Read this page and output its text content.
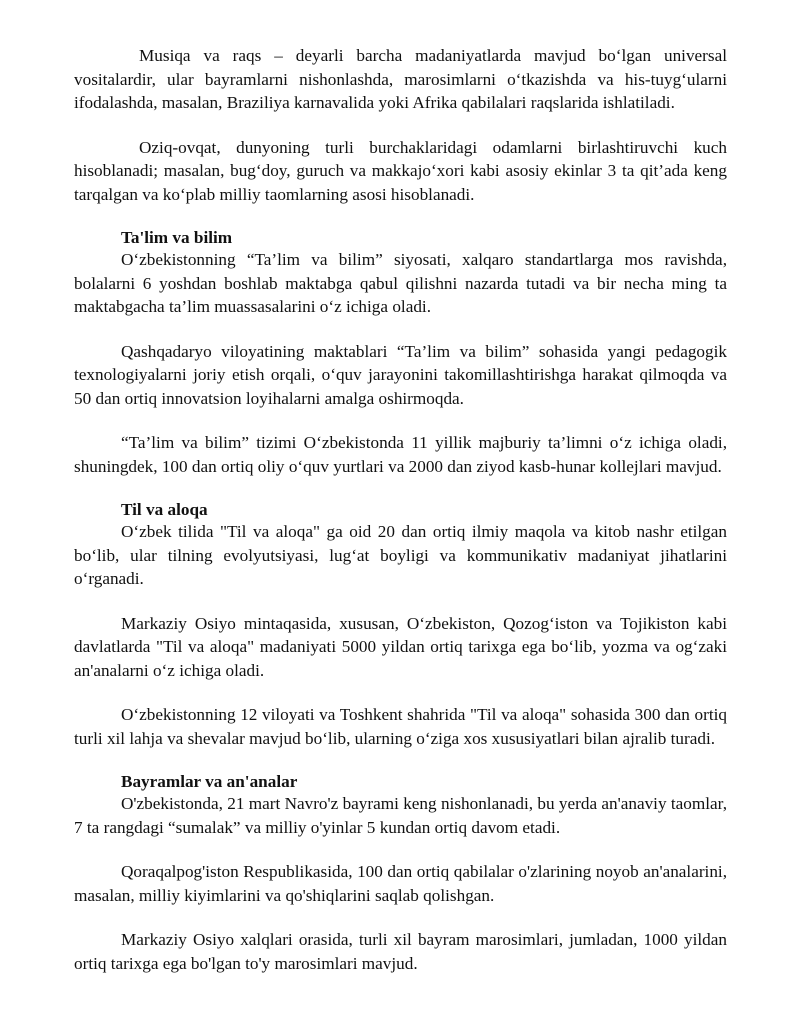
Musiqa va raqs – deyarli barcha madaniyatlarda mavjud bo‘lgan universal vositalardir, ular bayramlarni nishonlashda, marosimlarni o‘tkazishda va his-tuyg‘ularni ifodalashda, masalan, Braziliya karnavalida yoki Afrika qabilalari raqslarida ishlatiladi.

Oziq-ovqat, dunyoning turli burchaklaridagi odamlarni birlashtiruvchi kuch hisoblanadi; masalan, bug‘doy, guruch va makkajo‘xori kabi asosiy ekinlar 3 ta qit’ada keng tarqalgan va ko‘plab milliy taomlarning asosi hisoblanadi.

Ta'lim va bilim

O‘zbekistonning “Ta’lim va bilim” siyosati, xalqaro standartlarga mos ravishda, bolalarni 6 yoshdan boshlab maktabga qabul qilishni nazarda tutadi va bir necha ming ta maktabgacha ta’lim muassasalarini o‘z ichiga oladi.

Qashqadaryo viloyatining maktablari “Ta’lim va bilim” sohasida yangi pedagogik texnologiyalarni joriy etish orqali, o‘quv jarayonini takomillashtirishga harakat qilmoqda va 50 dan ortiq innovatsion loyihalarni amalga oshirmoqda.

“Ta’lim va bilim” tizimi O‘zbekistonda 11 yillik majburiy ta’limni o‘z ichiga oladi, shuningdek, 100 dan ortiq oliy o‘quv yurtlari va 2000 dan ziyod kasb-hunar kollejlari mavjud.

Til va aloqa

O‘zbek tilida "Til va aloqa" ga oid 20 dan ortiq ilmiy maqola va kitob nashr etilgan bo‘lib, ular tilning evolyutsiyasi, lug‘at boyligi va kommunikativ madaniyat jihatlarini o‘rganadi.

Markaziy Osiyo mintaqasida, xususan, O‘zbekiston, Qozog‘iston va Tojikiston kabi davlatlarda "Til va aloqa" madaniyati 5000 yildan ortiq tarixga ega bo‘lib, yozma va og‘zaki an'analarni o‘z ichiga oladi.

O‘zbekistonning 12 viloyati va Toshkent shahrida "Til va aloqa" sohasida 300 dan ortiq turli xil lahja va shevalar mavjud bo‘lib, ularning o‘ziga xos xususiyatlari bilan ajralib turadi.

Bayramlar va an'analar

O'zbekistonda, 21 mart Navro'z bayrami keng nishonlanadi, bu yerda an'anaviy taomlar, 7 ta rangdagi “sumalak” va milliy o'yinlar 5 kundan ortiq davom etadi.

Qoraqalpog'iston Respublikasida, 100 dan ortiq qabilalar o'zlarining noyob an'analarini, masalan, milliy kiyimlarini va qo'shiqlarini saqlab qolishgan.

Markaziy Osiyo xalqlari orasida, turli xil bayram marosimlari, jumladan, 1000 yildan ortiq tarixga ega bo'lgan to'y marosimlari mavjud.
